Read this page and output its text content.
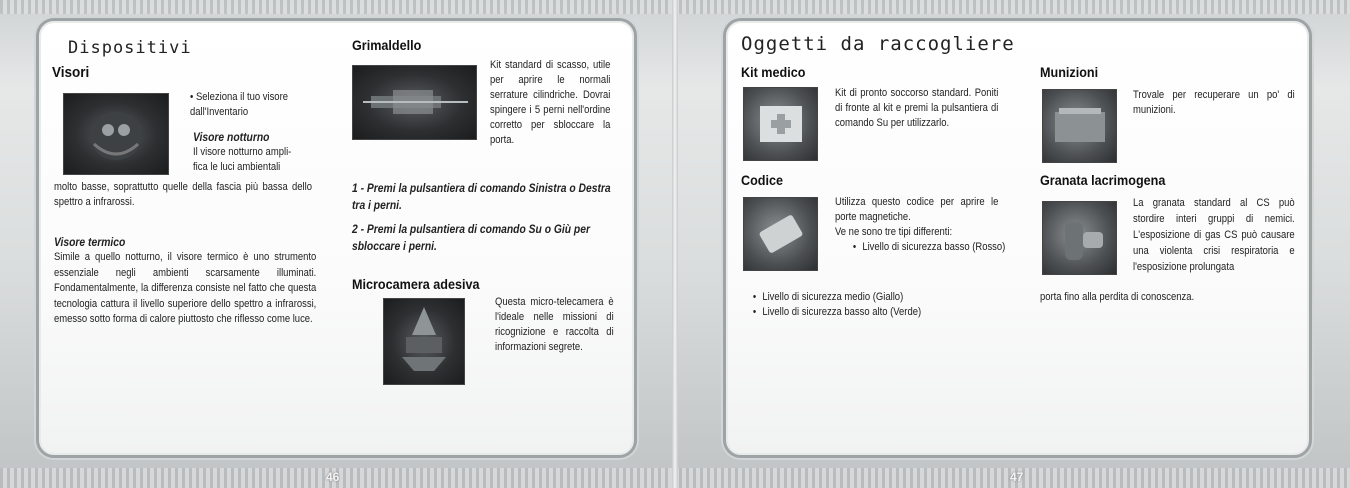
Dispositivi
Visori
• Seleziona il tuo visore dall'Inventario
Visore notturno
Il visore notturno ampli-
fica le luci ambientali
molto basse, soprattutto quelle della fascia più bassa dello spettro a infrarossi.
Visore termico
Simile a quello notturno, il visore termico è uno strumento essenziale negli ambienti scarsamente illuminati. Fondamentalmente, la differenza consiste nel fatto che questa tecnologia cattura il livello superiore dello spettro a infrarossi, emesso sotto forma di calore piuttosto che riflesso come luce.
Grimaldello
Kit standard di scasso, utile per aprire le normali serrature cilindriche. Dovrai spingere i 5 perni nell'ordine corretto per sbloccare la porta.
1 - Premi la pulsantiera di comando Sinistra o Destra tra i perni.
2 - Premi la pulsantiera di comando Su o Giù per sbloccare i perni.
Microcamera adesiva
Questa micro-telecamera è l'ideale nelle missioni di ricognizione e raccolta di informazioni segrete.
46
Oggetti da raccogliere
Kit medico
Kit di pronto soccorso standard. Poniti di fronte al kit e premi la pulsantiera di comando Su per utilizzarlo.
Codice
Utilizza questo codice per aprire le porte magnetiche.
Ve ne sono tre tipi differenti:
• Livello di sicurezza basso (Rosso)
• Livello di sicurezza medio (Giallo)
• Livello di sicurezza basso alto (Verde)
Munizioni
Trovale per recuperare un po' di munizioni.
Granata lacrimogena
La granata standard al CS può stordire interi gruppi di nemici. L'esposizione di gas CS può causare una violenta crisi respiratoria e l'esposizione prolungata
porta fino alla perdita di conoscenza.
47
